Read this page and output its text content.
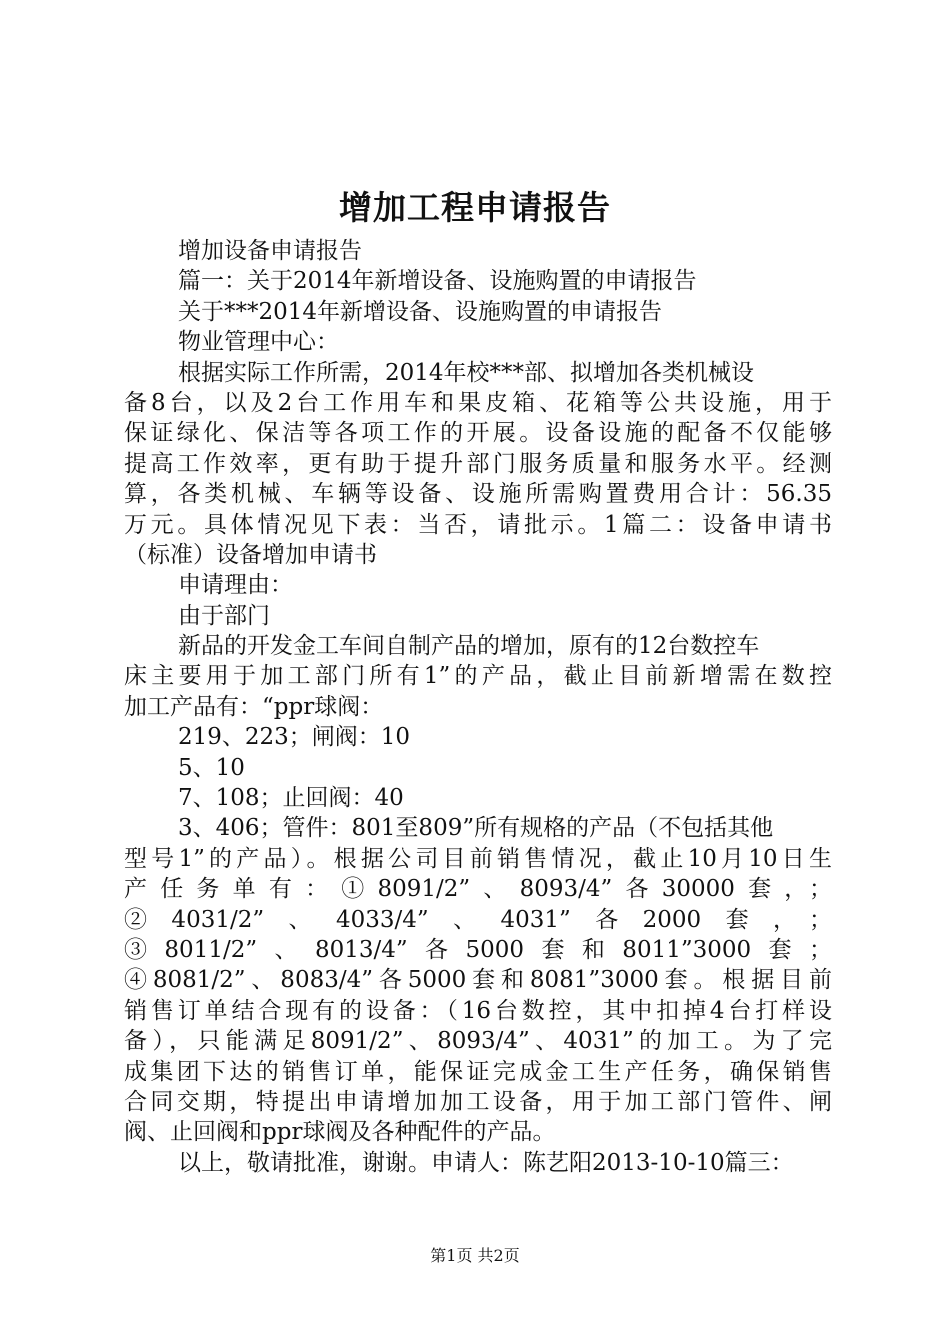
增加工程申请报告
增加设备申请报告
篇一：关于2014年新增设备、设施购置的申请报告
关于***2014年新增设备、设施购置的申请报告
物业管理中心：
根据实际工作所需，2014年校***部、拟增加各类机械设
备8台，以及2台工作用车和果皮箱、花箱等公共设施，用于
保证绿化、保洁等各项工作的开展。设备设施的配备不仅能够
提高工作效率，更有助于提升部门服务质量和服务水平。经测
算，各类机械、车辆等设备、设施所需购置费用合计：56.35
万元。具体情况见下表：当否，请批示。1篇二：设备申请书
（标准）设备增加申请书
申请理由：
由于部门
新品的开发金工车间自制产品的增加，原有的12台数控车
床主要用于加工部门所有1”的产品，截止目前新增需在数控
加工产品有：“ppr球阀：
219、223；闸阀：10
5、10
7、108；止回阀：40
3、406；管件：801至809”所有规格的产品（不包括其他
型号1”的产品）。根据公司目前销售情况，截止10月10日生
产任务单有：①8091/2”、8093/4”各30000套，；
②4031/2”、4033/4”、4031”各2000套，；
③8011/2”、8013/4”各5000套和8011”3000套；
④8081/2”、8083/4”各5000套和8081”3000套。根据目前
销售订单结合现有的设备：（16台数控，其中扣掉4台打样设
备），只能满足8091/2”、8093/4”、4031”的加工。为了完
成集团下达的销售订单，能保证完成金工生产任务，确保销售
合同交期，特提出申请增加加工设备，用于加工部门管件、闸
阀、止回阀和ppr球阀及各种配件的产品。
以上，敬请批准，谢谢。申请人：陈艺阳2013-10-10篇三：
第1页 共2页
